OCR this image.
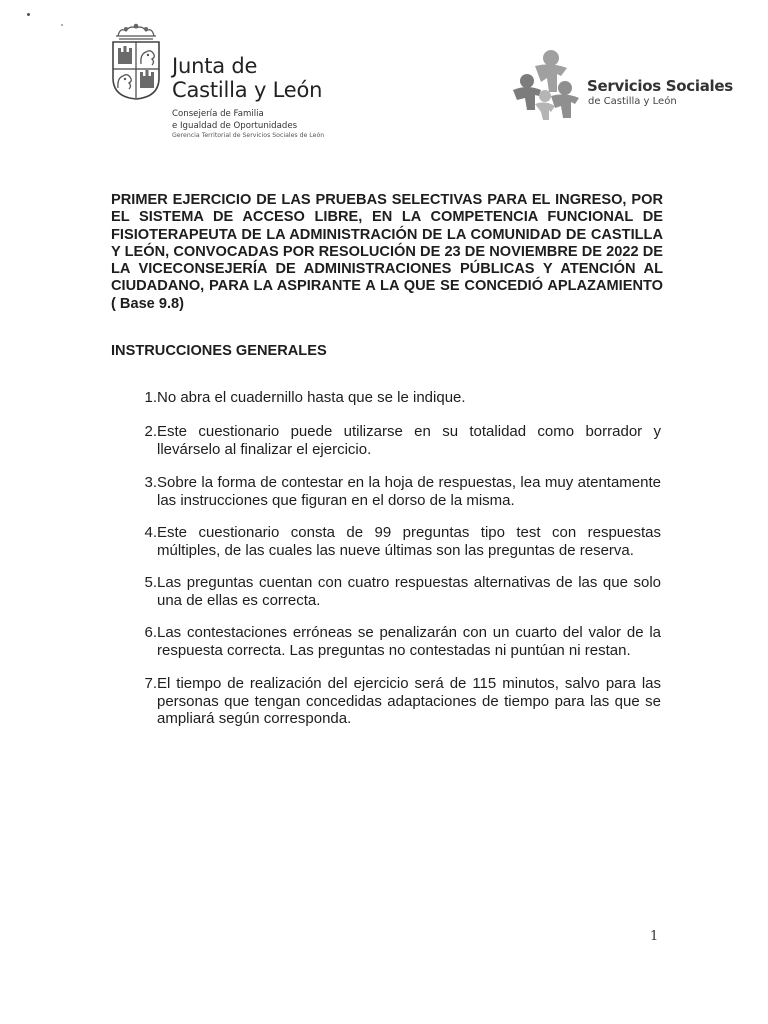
Junta de
Castilla y León
Consejería de Familia
e Igualdad de Oportunidades
Gerencia Territorial de Servicios Sociales de León
Servicios Sociales
de Castilla y León
PRIMER EJERCICIO DE LAS PRUEBAS SELECTIVAS PARA EL INGRESO, POR EL SISTEMA DE ACCESO LIBRE, EN LA COMPETENCIA FUNCIONAL DE FISIOTERAPEUTA DE LA ADMINISTRACIÓN DE LA COMUNIDAD DE CASTILLA Y LEÓN, CONVOCADAS POR RESOLUCIÓN DE 23 DE NOVIEMBRE DE 2022 DE LA VICECONSEJERÍA DE ADMINISTRACIONES PÚBLICAS Y ATENCIÓN AL CIUDADANO, PARA LA ASPIRANTE A LA QUE SE CONCEDIÓ APLAZAMIENTO ( Base 9.8)
INSTRUCCIONES GENERALES
1. No abra el cuadernillo hasta que se le indique.
2. Este cuestionario puede utilizarse en su totalidad como borrador y llevárselo al finalizar el ejercicio.
3. Sobre la forma de contestar en la hoja de respuestas, lea muy atentamente las instrucciones que figuran en el dorso de la misma.
4. Este cuestionario consta de 99 preguntas tipo test con respuestas múltiples, de las cuales las nueve últimas son las preguntas de reserva.
5. Las preguntas cuentan con cuatro respuestas alternativas de las que solo una de ellas es correcta.
6. Las contestaciones erróneas se penalizarán con un cuarto del valor de la respuesta correcta. Las preguntas no contestadas ni puntúan ni restan.
7. El tiempo de realización del ejercicio será de 115 minutos, salvo para las personas que tengan concedidas adaptaciones de tiempo para las que se ampliará según corresponda.
1
